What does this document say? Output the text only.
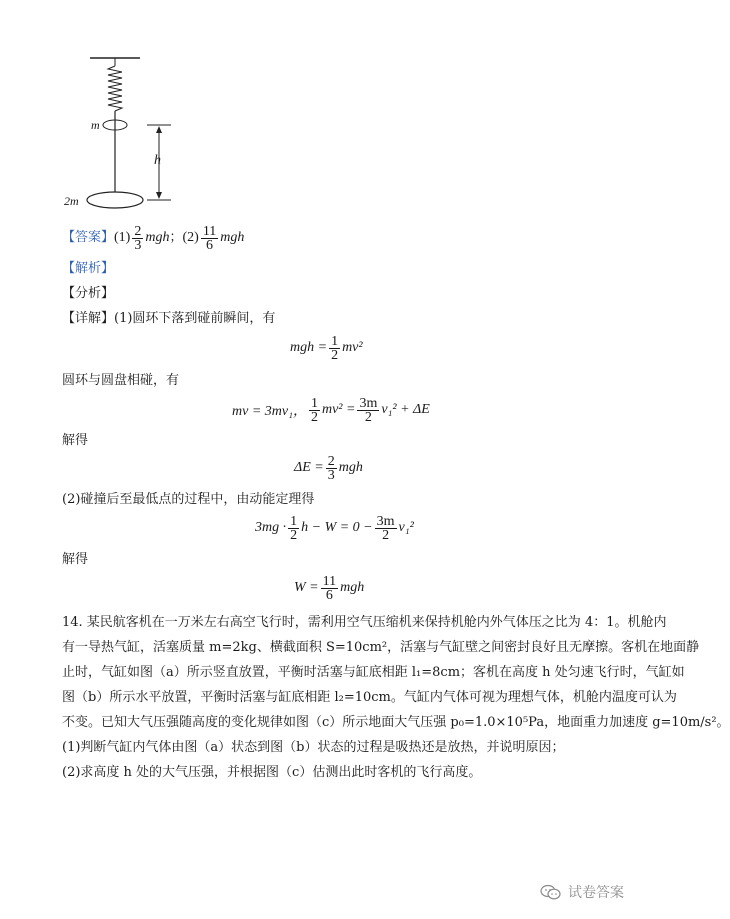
m
h
2m
【答案】 $(1) \frac{2}{3}$ mgh ； $(2) \frac{11}{6}$ mgh
【解析】
【分析】
【详解】(1)圆环下落到碰前瞬间，有
mgh = $\frac{1}{2} mv^2$
圆环与圆盘相碰，有
mv = 3mv₁， $\frac{1}{2} mv^2 = \frac{3m}{2} v_1^2 + \Delta E$
解得
$\Delta E = \frac{2}{3}$ mgh
(2)碰撞后至最低点的过程中，由动能定理得
$3mg \cdot \frac{1}{2}$ $h - W = 0 - \frac{3m}{2} v_1^2$
解得
$W = \frac{11}{6}$ mgh
14. 某民航客机在一万米左右高空飞行时，需利用空气压缩机来保持机舱内外气体压之比为 4：1。机舱内
有一导热气缸，活塞质量 m=2kg、横截面积 S=10cm²，活塞与气缸壁之间密封良好且无摩擦。客机在地面静
止时，气缸如图（a）所示竖直放置，平衡时活塞与缸底相距 l₁=8cm；客机在高度 h 处匀速飞行时，气缸如
图（b）所示水平放置，平衡时活塞与缸底相距 l₂=10cm。气缸内气体可视为理想气体，机舱内温度可认为
不变。已知大气压强随高度的变化规律如图（c）所示地面大气压强 p₀=1.0×10⁵Pa，地面重力加速度 g=10m/s²。
(1)判断气缸内气体由图（a）状态到图（b）状态的过程是吸热还是放热，并说明原因；
(2)求高度 h 处的大气压强，并根据图（c）估测出此时客机的飞行高度。
试卷答案
